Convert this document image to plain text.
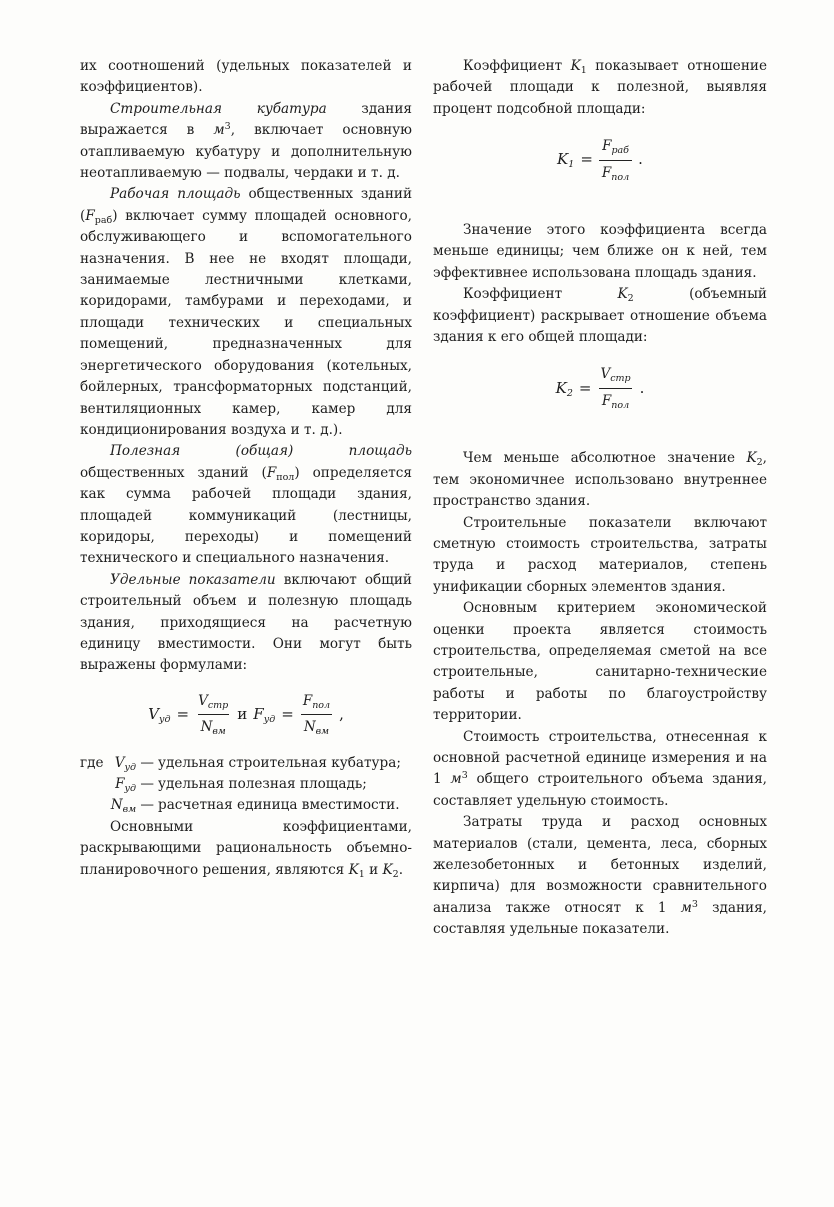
их соотношений (удельных показателей и коэффициентов).

Строительная кубатура здания выражается в $м^3$, включает основную отапливаемую кубатуру и дополнительную неотапливаемую — подвалы, чердаки и т. д.

Рабочая площадь общественных зданий $(F_{раб})$ включает сумму площадей основного, обслуживающего и вспомогательного назначения. В нее не входят площади, занимаемые лестничными клетками, коридорами, тамбурами и переходами, и площади технических и специальных помещений, предназначенных для энергетического оборудования (котельных, бойлерных, трансформаторных подстанций, вентиляционных камер, камер для кондиционирования воздуха и т. д.).

Полезная (общая) площадь общественных зданий $(F_{пол})$ определяется как сумма рабочей площади здания, площадей коммуникаций (лестницы, коридоры, переходы) и помещений технического и специального назначения.

Удельные показатели включают общий строительный объем и полезную площадь здания, приходящиеся на расчетную единицу вместимости. Они могут быть выражены формулами:

$V_{уд} = \frac{V_{стр}}{N_{вм}}$ и $F_{уд} = \frac{F_{пол}}{N_{вм}}$ ,
где $V_{уд}$ — удельная строительная кубатура;
$F_{уд}$ — удельная полезная площадь;
$N_{вм}$ — расчетная единица вместимости.

Основными коэффициентами, раскрывающими рациональность объемно-планировочного решения, являются $K_1$ и $K_2$.

Коэффициент $K_1$ показывает отношение рабочей площади к полезной, выявляя процент подсобной площади:

$K_1 = \frac{F_{раб}}{F_{пол}}$ .

Значение этого коэффициента всегда меньше единицы; чем ближе он к ней, тем эффективнее использована площадь здания.

Коэффициент $K_2$ (объемный коэффициент) раскрывает отношение объема здания к его общей площади:

$K_2 = \frac{V_{стр}}{F_{пол}}$ .

Чем меньше абсолютное значение $K_2$, тем экономичнее использовано внутреннее пространство здания.

Строительные показатели включают сметную стоимость строительства, затраты труда и расход материалов, степень унификации сборных элементов здания.

Основным критерием экономической оценки проекта является стоимость строительства, определяемая сметой на все строительные, санитарно-технические работы и работы по благоустройству территории.

Стоимость строительства, отнесенная к основной расчетной единице измерения и на 1 $м^3$ общего строительного объема здания, составляет удельную стоимость.

Затраты труда и расход основных материалов (стали, цемента, леса, сборных железобетонных и бетонных изделий, кирпича) для возможности сравнительного анализа также относят к 1 $м^3$ здания, составляя удельные показатели.
